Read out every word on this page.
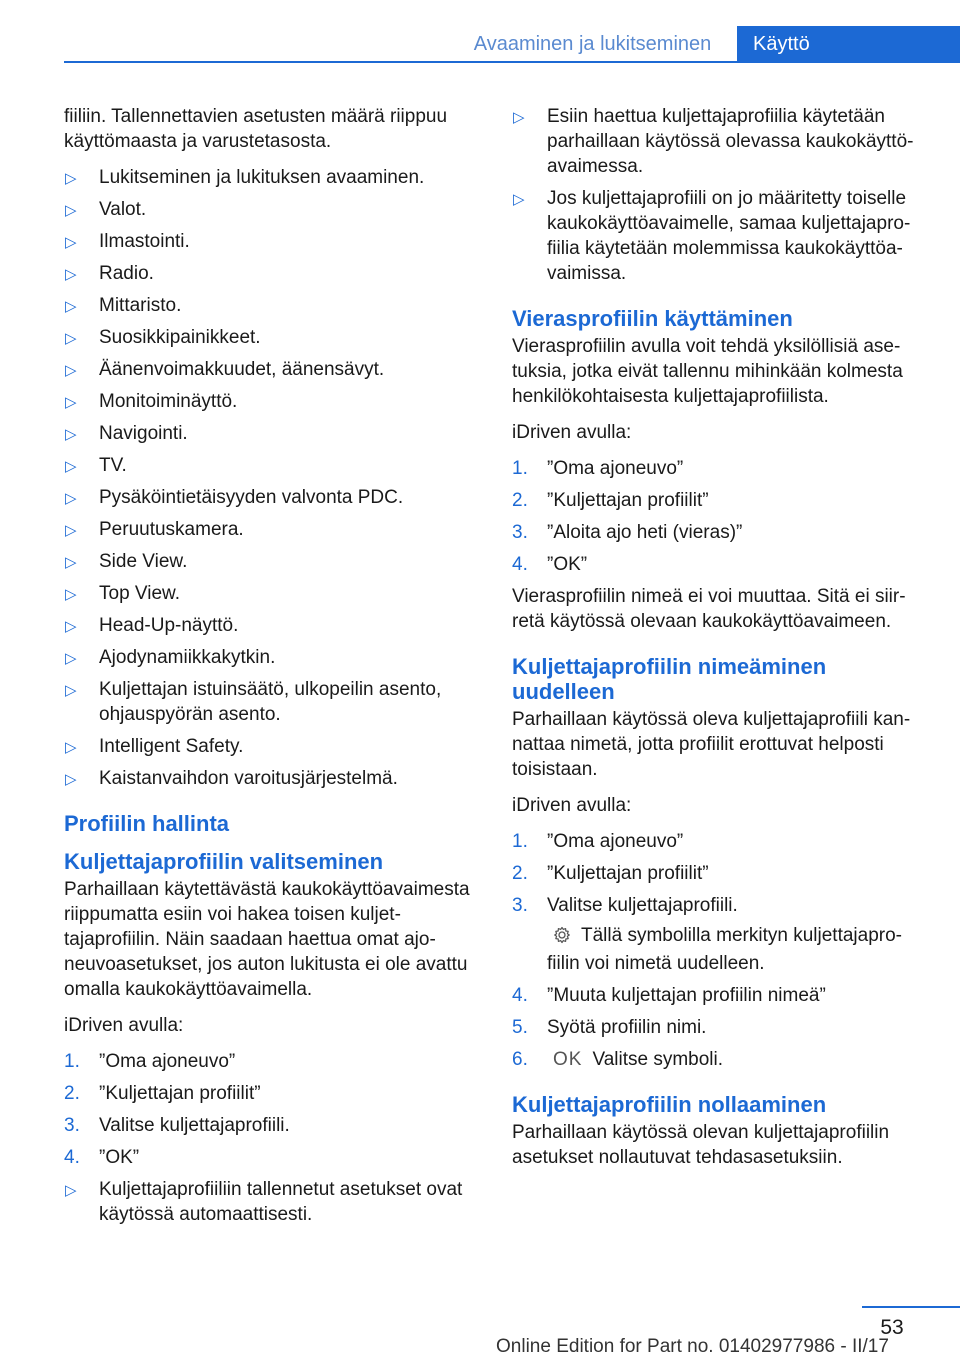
Avaaminen ja lukitseminen	Käyttö

fiiliin. Tallennettavien asetusten määrä riippuu käyttömaasta ja varustetasosta.

▷ Lukitseminen ja lukituksen avaaminen.
▷ Valot.
▷ Ilmastointi.
▷ Radio.
▷ Mittaristo.
▷ Suosikkipainikkeet.
▷ Äänenvoimakkuudet, äänensävyt.
▷ Monitoiminäyttö.
▷ Navigointi.
▷ TV.
▷ Pysäköintietäisyyden valvonta PDC.
▷ Peruutuskamera.
▷ Side View.
▷ Top View.
▷ Head-Up-näyttö.
▷ Ajodynamiikkakytkin.
▷ Kuljettajan istuinsäätö, ulkopeilin asento, ohjauspyörän asento.
▷ Intelligent Safety.
▷ Kaistanvaihdon varoitusjärjestelmä.
Profiilin hallinta
Kuljettajaprofiilin valitseminen

Parhaillaan käytettävästä kaukokäyttöavaimesta riippumatta esiin voi hakea toisen kuljettajaprofiilin. Näin saadaan haettua omat ajoneuvoasetukset, jos auton lukitusta ei ole avattu omalla kaukokäyttöavaimella.

iDriven avulla:

1. ”Oma ajoneuvo”
2. ”Kuljettajan profiilit”
3. Valitse kuljettajaprofiili.
4. ”OK”
▷ Kuljettajaprofiiliin tallennetut asetukset ovat käytössä automaattisesti.
▷ Esiin haettua kuljettajaprofiilia käytetään parhaillaan käytössä olevassa kaukokäyttöavaimessa.
▷ Jos kuljettajaprofiili on jo määritetty toiselle kaukokäyttöavaimelle, samaa kuljettajaprofiilia käytetään molemmissa kaukokäyttöavaimissa.
Vierasprofiilin käyttäminen

Vierasprofiilin avulla voit tehdä yksilöllisiä asetuksia, jotka eivät tallennu mihinkään kolmesta henkilökohtaisesta kuljettajaprofiilista.

iDriven avulla:

1. ”Oma ajoneuvo”
2. ”Kuljettajan profiilit”
3. ”Aloita ajo heti (vieras)”
4. ”OK”

Vierasprofiilin nimeä ei voi muuttaa. Sitä ei siirretä käytössä olevaan kaukokäyttöavaimeen.

Kuljettajaprofiilin nimeäminen uudelleen

Parhaillaan käytössä oleva kuljettajaprofiili kannattaa nimetä, jotta profiilit erottuvat helposti toisistaan.

iDriven avulla:

1. ”Oma ajoneuvo”
2. ”Kuljettajan profiilit”
3. Valitse kuljettajaprofiili.
Tällä symbolilla merkityn kuljettajaprofiilin voi nimetä uudelleen.
4. ”Muuta kuljettajan profiilin nimeä”
5. Syötä profiilin nimi.
6. OK Valitse symboli.
Kuljettajaprofiilin nollaaminen

Parhaillaan käytössä olevan kuljettajaprofiilin asetukset nollautuvat tehdasasetuksiin.

53
Online Edition for Part no. 01402977986 - II/17
